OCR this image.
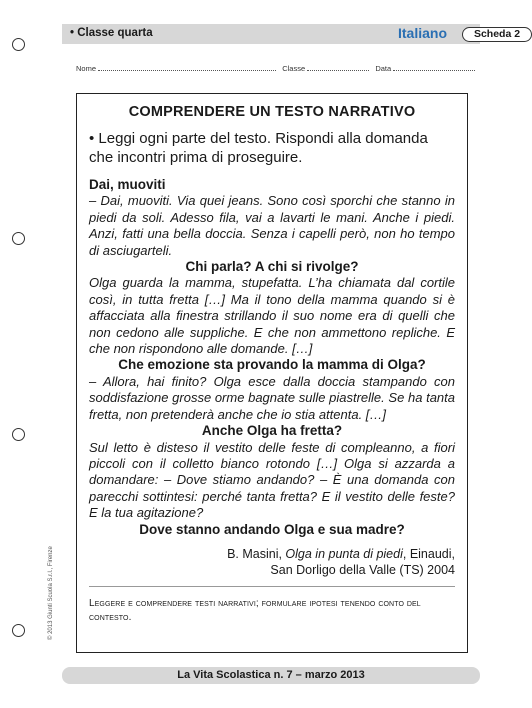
• Classe quarta	Italiano	Scheda 2
Nome	Classe	Data
COMPRENDERE UN TESTO NARRATIVO
• Leggi ogni parte del testo. Rispondi alla domanda che incontri prima di proseguire.
Dai, muoviti
– Dai, muoviti. Via quei jeans. Sono così sporchi che stanno in piedi da soli. Adesso fila, vai a lavarti le mani. Anche i piedi. Anzi, fatti una bella doccia. Senza i capelli però, non ho tempo di asciugarteli.
Chi parla? A chi si rivolge?
Olga guarda la mamma, stupefatta. L’ha chiamata dal cortile così, in tutta fretta […] Ma il tono della mamma quando si è affacciata alla finestra strillando il suo nome era di quelli che non cedono alle suppliche. E che non ammettono repliche. E che non rispondono alle domande. […]
Che emozione sta provando la mamma di Olga?
– Allora, hai finito? Olga esce dalla doccia stampando con soddisfazione grosse orme bagnate sulle piastrelle. Se ha tanta fretta, non pretenderà anche che io stia attenta. […]
Anche Olga ha fretta?
Sul letto è disteso il vestito delle feste di compleanno, a fiori piccoli con il colletto bianco rotondo […] Olga si azzarda a domandare: – Dove stiamo andando? – È una domanda con parecchi sottintesi: perché tanta fretta? E il vestito delle feste? E la tua agitazione?
Dove stanno andando Olga e sua madre?
B. Masini, Olga in punta di piedi, Einaudi,
San Dorligo della Valle (TS) 2004
Leggere e comprendere testi narrativi; formulare ipotesi tenendo conto del contesto.
© 2013 Giunti Scuola S.r.l., Firenze
La Vita Scolastica n. 7 – marzo 2013
